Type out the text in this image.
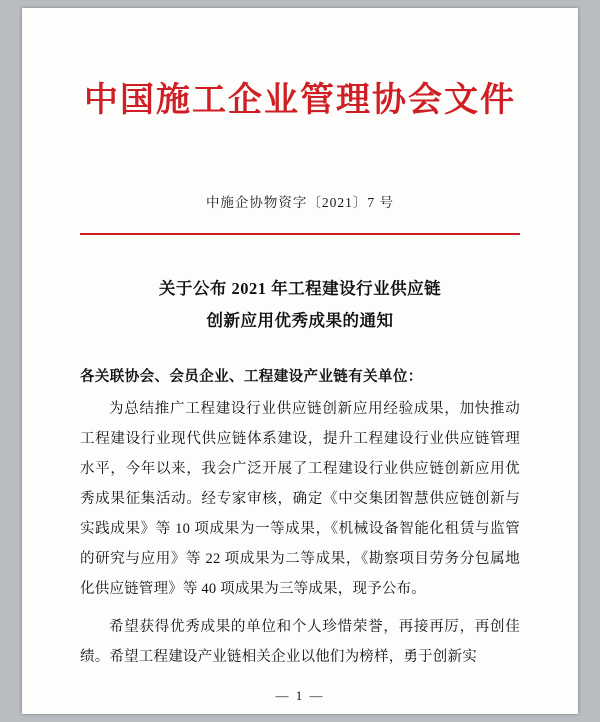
中国施工企业管理协会文件
中施企协物资字〔2021〕7 号
关于公布 2021 年工程建设行业供应链
创新应用优秀成果的通知
各关联协会、会员企业、工程建设产业链有关单位：
为总结推广工程建设行业供应链创新应用经验成果，加快推动工程建设行业现代供应链体系建设，提升工程建设行业供应链管理水平，今年以来，我会广泛开展了工程建设行业供应链创新应用优秀成果征集活动。经专家审核，确定《中交集团智慧供应链创新与实践成果》等 10 项成果为一等成果，《机械设备智能化租赁与监管的研究与应用》等 22 项成果为二等成果，《勘察项目劳务分包属地化供应链管理》等 40 项成果为三等成果，现予公布。
希望获得优秀成果的单位和个人珍惜荣誉，再接再厉，再创佳绩。希望工程建设产业链相关企业以他们为榜样，勇于创新实
— 1 —
